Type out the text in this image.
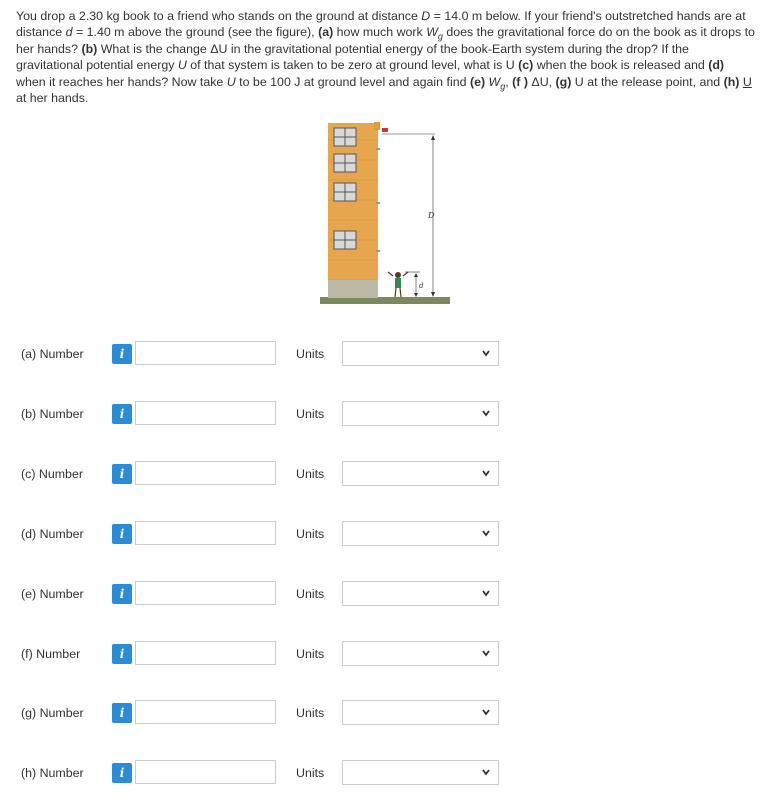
You drop a 2.30 kg book to a friend who stands on the ground at distance D = 14.0 m below. If your friend's outstretched hands are at distance d = 1.40 m above the ground (see the figure), (a) how much work $W_g$ does the gravitational force do on the book as it drops to her hands? (b) What is the change ΔU in the gravitational potential energy of the book-Earth system during the drop? If the gravitational potential energy U of that system is taken to be zero at ground level, what is U (c) when the book is released and (d) when it reaches her hands? Now take U to be 100 J at ground level and again find (e) $W_g$, (f ) ΔU, (g) U at the release point, and (h) U at her hands.

D
d
(a) Number	i	Units
(b) Number	i	Units
(c) Number	i	Units
(d) Number	i	Units
(e) Number	i	Units
(f) Number	i	Units
(g) Number	i	Units
(h) Number	i	Units
